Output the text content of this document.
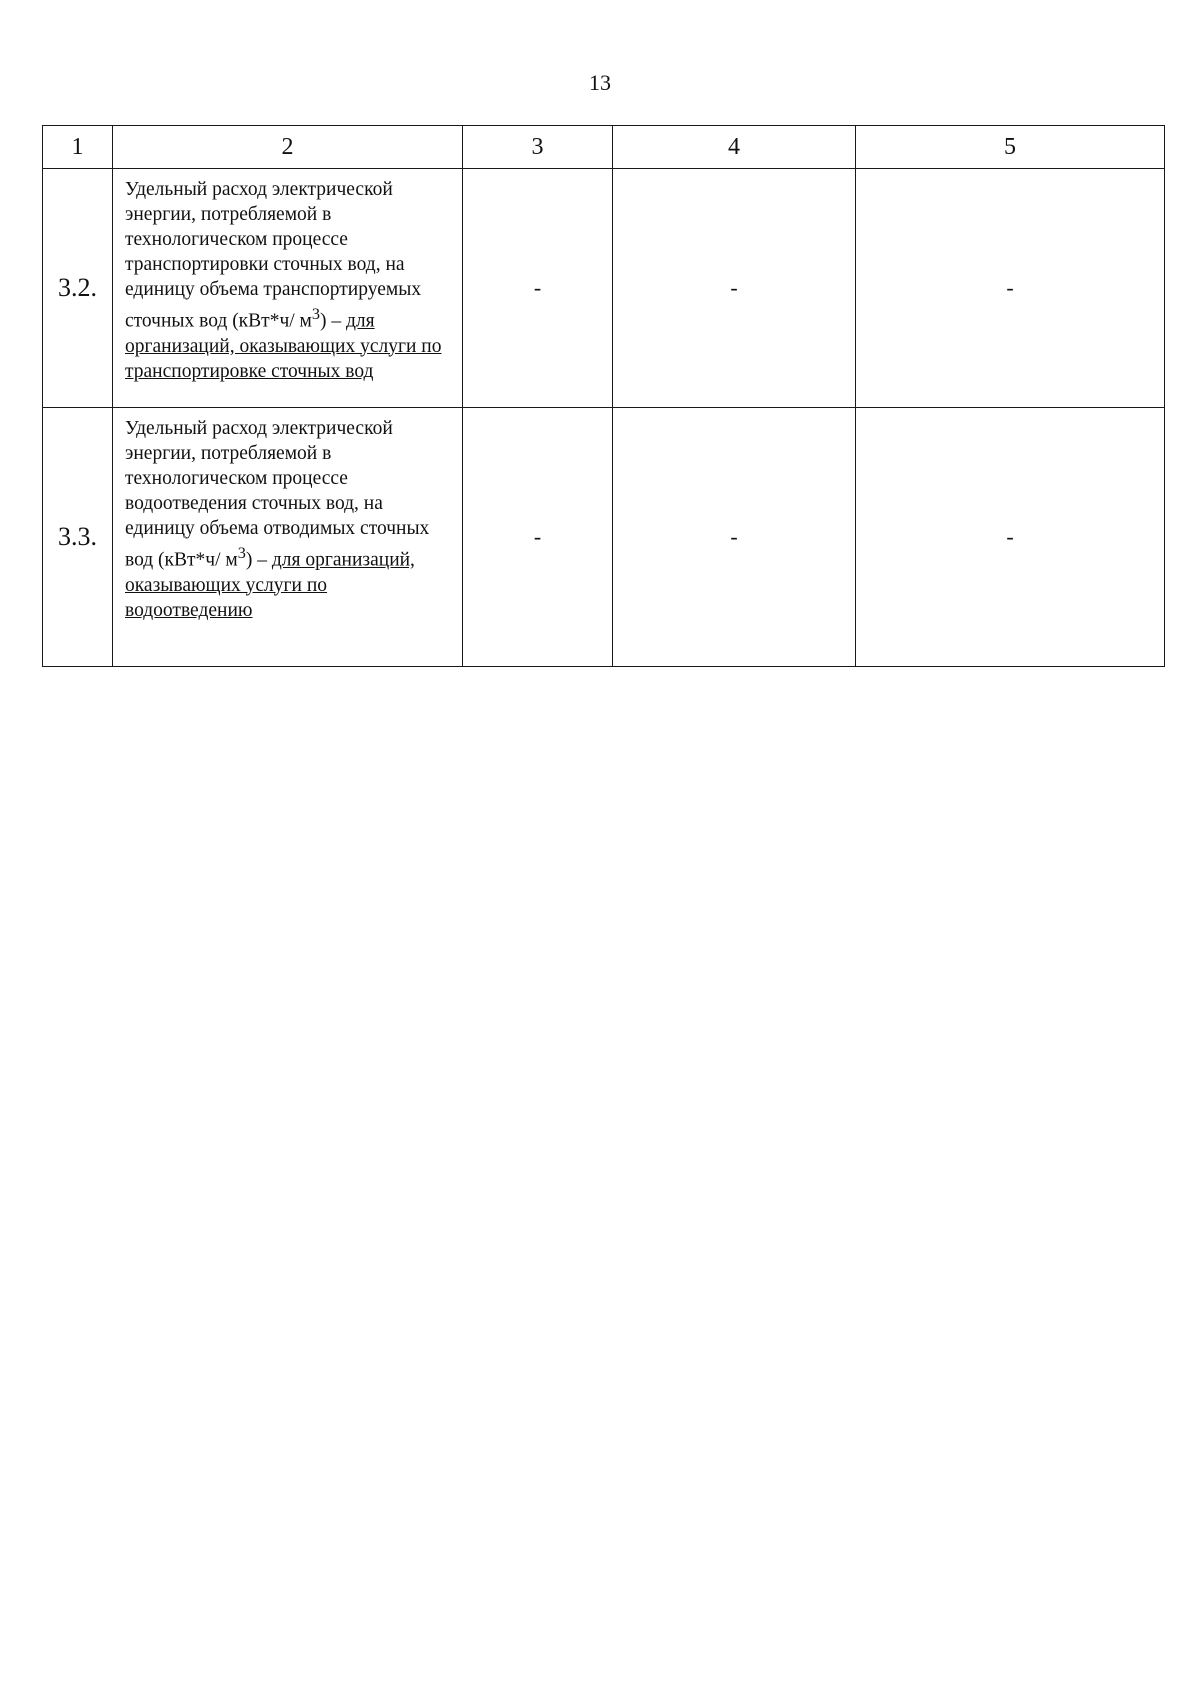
13
1	2	3	4	5
3.2.	Удельный расход электрической энергии, потребляемой в технологическом процессе транспортировки сточных вод, на единицу объема транспортируемых сточных вод (кВт*ч/ $м^3$) – для организаций, оказывающих услуги по транспортировке сточных вод	-	-	-
3.3.	Удельный расход электрической энергии, потребляемой в технологическом процессе водоотведения сточных вод, на единицу объема отводимых сточных вод (кВт*ч/ $м^3$) – для организаций, оказывающих услуги по водоотведению	-	-	-
